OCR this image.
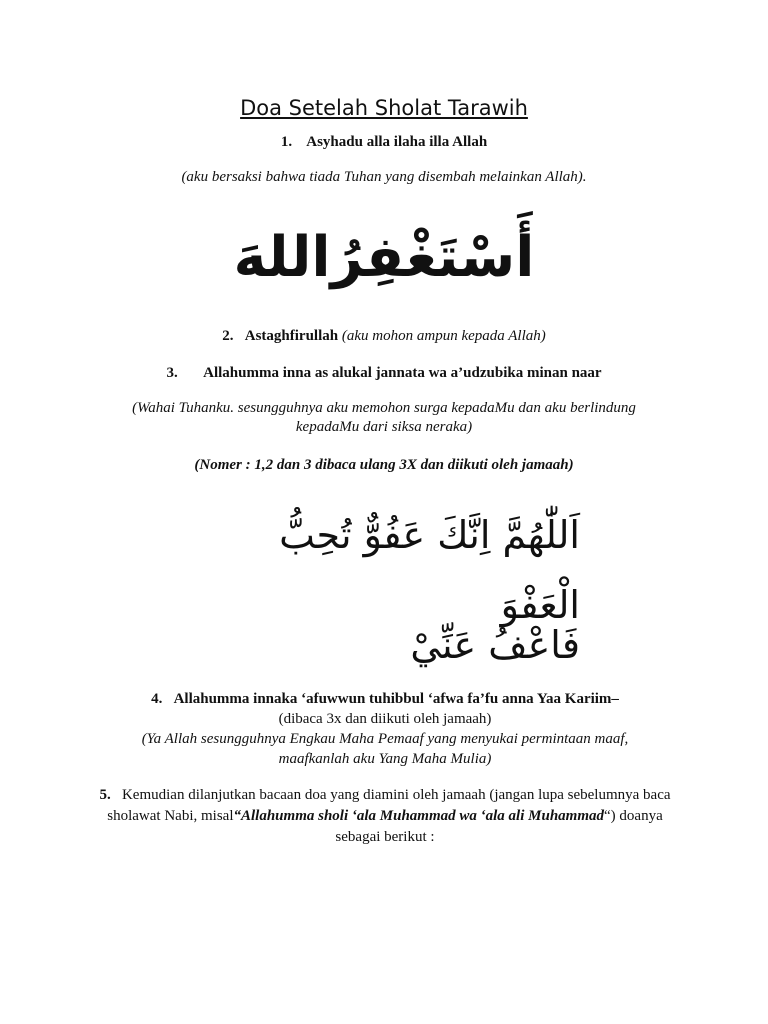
Doa Setelah Sholat Tarawih
1. Asyhadu alla ilaha illa Allah
(aku bersaksi bahwa tiada Tuhan yang disembah melainkan Allah).
أَسْتَغْفِرُاللهَ
2. Astaghfirullah (aku mohon ampun kepada Allah)
3. Allahumma inna as alukal jannata wa a’udzubika minan naar
(Wahai Tuhanku. sesungguhnya aku memohon surga kepadaMu dan aku berlindung
kepadaMu dari siksa neraka)
(Nomer : 1,2 dan 3 dibaca ulang 3X dan diikuti oleh jamaah)
اَللّٰهُمَّ اِنَّكَ عَفُوٌّ تُحِبُّ الْعَفْوَ
فَاعْفُ عَنِّيْ
4. Allahumma innaka ‘afuwwun tuhibbul ‘afwa fa’fu anna Yaa Kariim–
(dibaca 3x dan diikuti oleh jamaah)
(Ya Allah sesungguhnya Engkau Maha Pemaaf yang menyukai permintaan maaf,
maafkanlah aku Yang Maha Mulia)
5. Kemudian dilanjutkan bacaan doa yang diamini oleh jamaah (jangan lupa sebelumnya baca sholawat Nabi, misal“Allahumma sholi ‘ala Muhammad wa ‘ala ali Muhammad“) doanya sebagai berikut :
